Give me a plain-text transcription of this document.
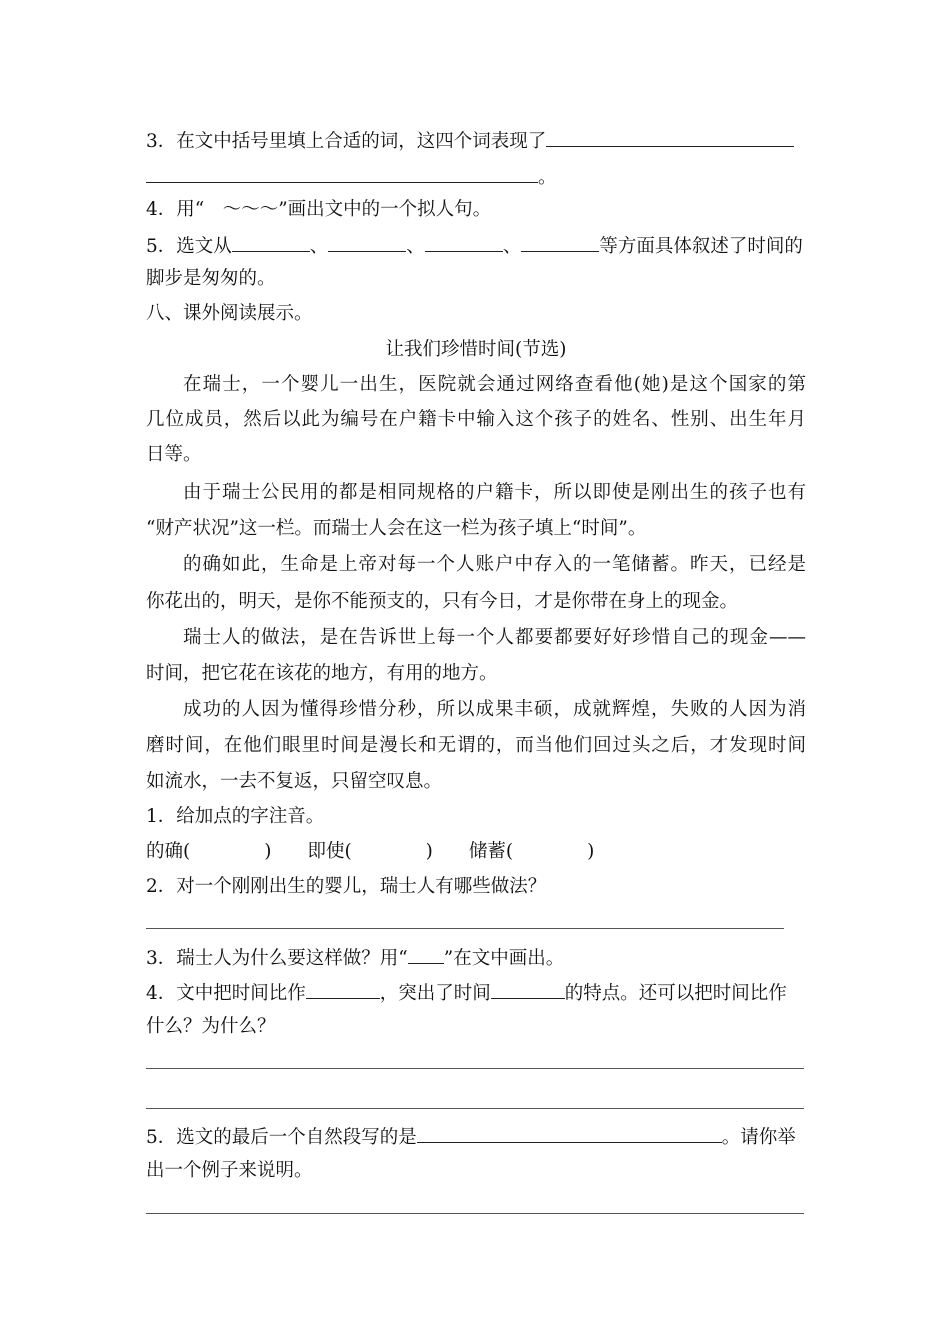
3．在文中括号里填上合适的词，这四个词表现了
。
4．用“　～～～”画出文中的一个拟人句。
5．选文从	、	、	、	等方面具体叙述了时间的
脚步是匆匆的。
八、课外阅读展示。
让我们珍惜时间(节选)
在瑞士，一个婴儿一出生，医院就会通过网络查看他(她)是这个国家的第
几位成员，然后以此为编号在户籍卡中输入这个孩子的姓名、性别、出生年月
日等。
由于瑞士公民用的都是相同规格的户籍卡，所以即使是刚出生的孩子也有
“财产状况”这一栏。而瑞士人会在这一栏为孩子填上“时间”。
的确如此，生命是上帝对每一个人账户中存入的一笔储蓄。昨天，已经是
你花出的，明天，是你不能预支的，只有今日，才是你带在身上的现金。
瑞士人的做法，是在告诉世上每一个人都要都要好好珍惜自己的现金——
时间，把它花在该花的地方，有用的地方。
成功的人因为懂得珍惜分秒，所以成果丰硕，成就辉煌，失败的人因为消
磨时间，在他们眼里时间是漫长和无谓的，而当他们回过头之后，才发现时间
如流水，一去不复返，只留空叹息。
1．给加点的字注音。
的确(	) 即使(	) 储蓄(	)
2．对一个刚刚出生的婴儿，瑞士人有哪些做法？
3．瑞士人为什么要这样做？用“ ”在文中画出。
4．文中把时间比作	，突出了时间	的特点。还可以把时间比作
什么？为什么？
5．选文的最后一个自然段写的是	。请你举
出一个例子来说明。
